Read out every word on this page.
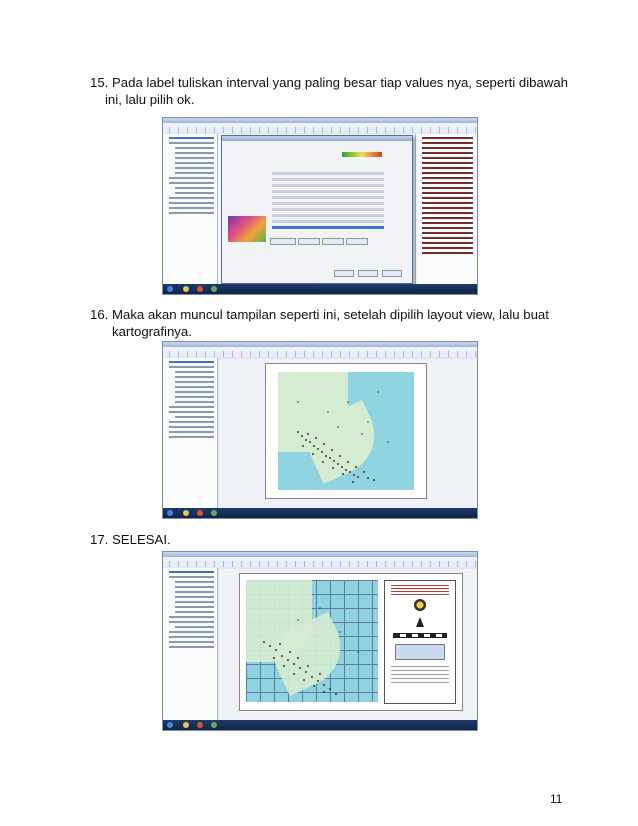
15. Pada label tuliskan interval yang paling besar tiap values nya, seperti dibawah
ini, lalu pilih ok.
16. Maka akan muncul tampilan seperti ini, setelah dipilih layout view, lalu buat
kartografinya.
17. SELESAI.
11
